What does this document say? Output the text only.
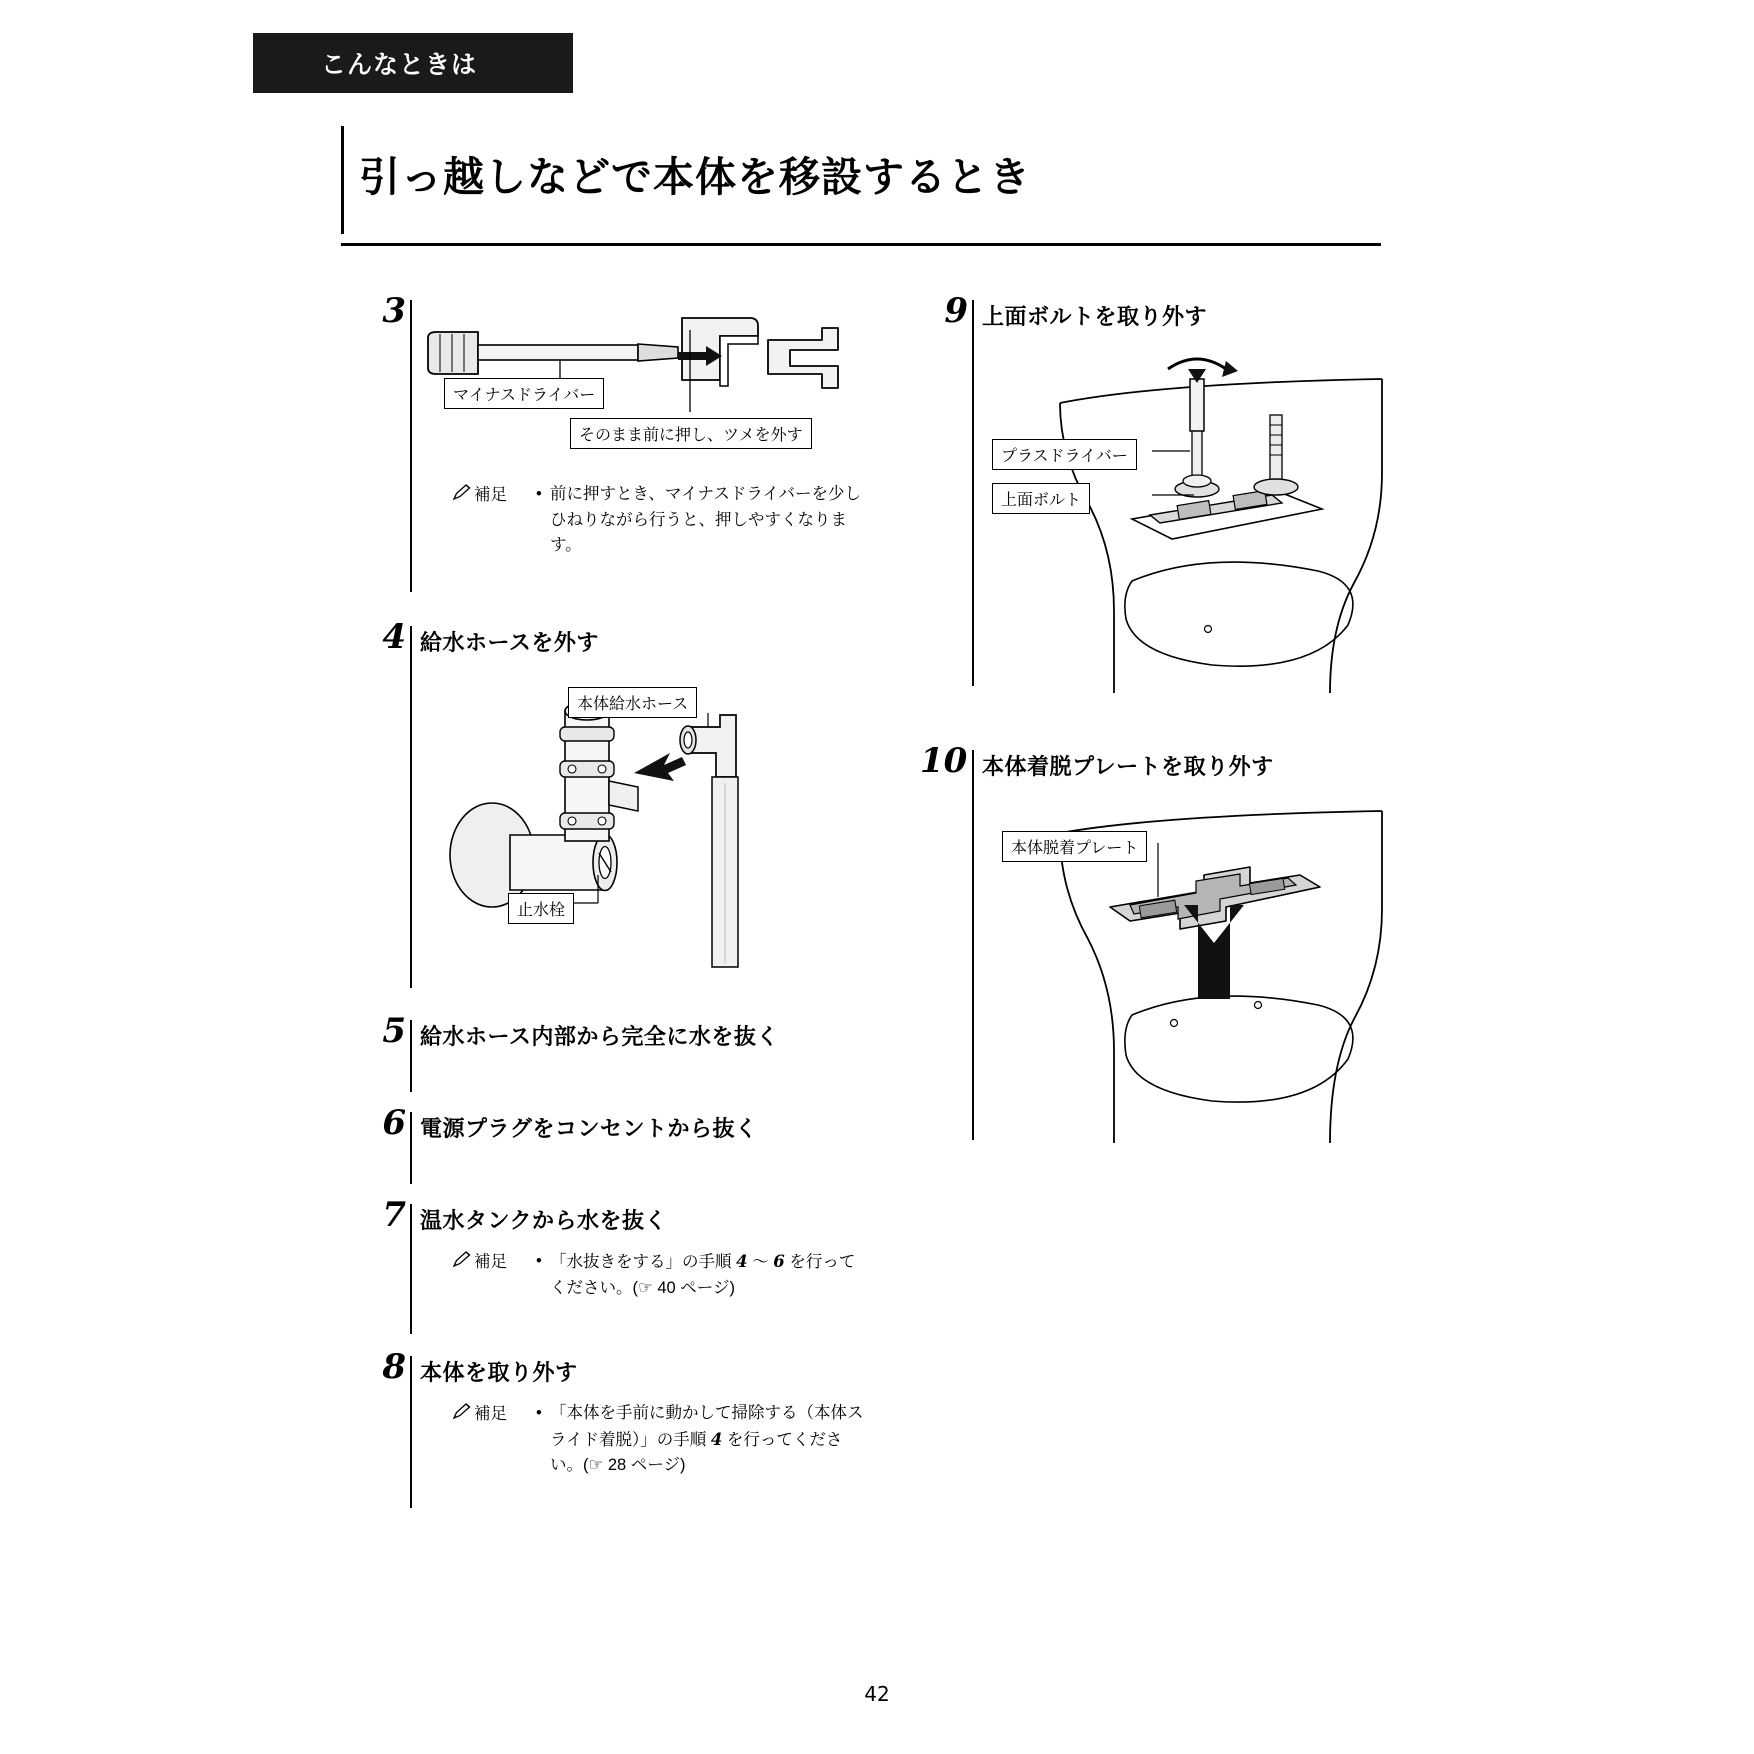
こんなときは
引っ越しなどで本体を移設するとき
3
マイナスドライバー
そのまま前に押し、ツメを外す
補足	• 前に押すとき、マイナスドライバーを少しひねりながら行うと、押しやすくなります。
4 給水ホースを外す
本体給水ホース
止水栓
5 給水ホース内部から完全に水を抜く
6 電源プラグをコンセントから抜く
7 温水タンクから水を抜く
補足	• 「水抜きをする」の手順 4 ～ 6 を行ってください。(☞ 40 ページ)
8 本体を取り外す
補足	• 「本体を手前に動かして掃除する（本体スライド着脱）」の手順 4 を行ってください。(☞ 28 ページ)
9 上面ボルトを取り外す
プラスドライバー
上面ボルト
10 本体着脱プレートを取り外す
本体脱着プレート
42
